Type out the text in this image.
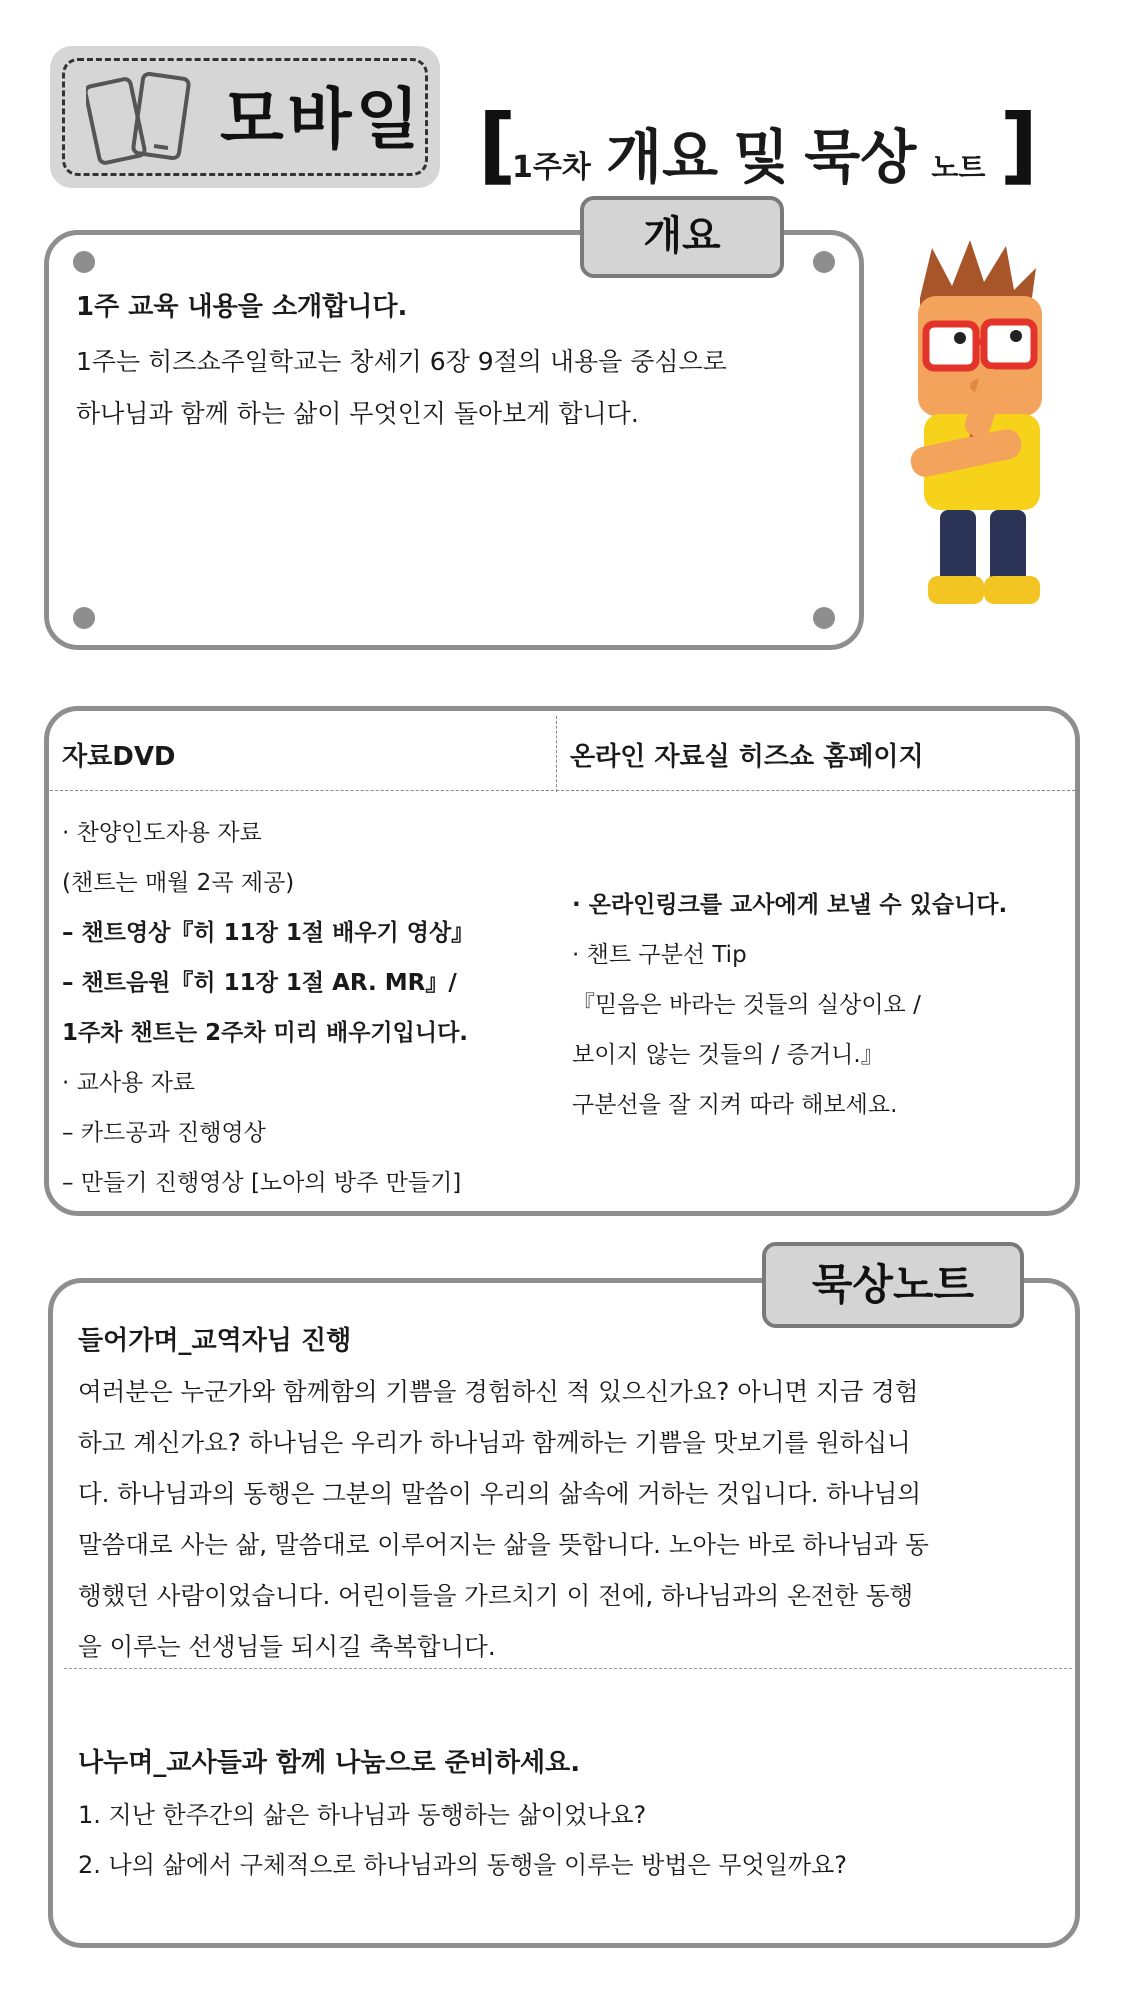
모바일 [
1주차 개요 및 묵상 노트 ]
개요
1주 교육 내용을 소개합니다.
1주는 히즈쇼주일학교는 창세기 6장 9절의 내용을 중심으로
하나님과 함께 하는 삶이 무엇인지 돌아보게 합니다.
자료DVD	온라인 자료실 히즈쇼 홈페이지
· 찬양인도자용 자료
(챈트는 매월 2곡 제공)
– 챈트영상『히 11장 1절 배우기 영상』
– 챈트음원『히 11장 1절 AR. MR』/
1주차 챈트는 2주차 미리 배우기입니다.
· 교사용 자료
– 카드공과 진행영상
– 만들기 진행영상 [노아의 방주 만들기]
· 온라인링크를 교사에게 보낼 수 있습니다.
· 챈트 구분선 Tip
『믿음은 바라는 것들의 실상이요 /
보이지 않는 것들의 / 증거니.』
구분선을 잘 지켜 따라 해보세요.
묵상노트
들어가며_교역자님 진행
여러분은 누군가와 함께함의 기쁨을 경험하신 적 있으신가요? 아니면 지금 경험
하고 계신가요? 하나님은 우리가 하나님과 함께하는 기쁨을 맛보기를 원하십니
다. 하나님과의 동행은 그분의 말씀이 우리의 삶속에 거하는 것입니다. 하나님의
말씀대로 사는 삶, 말씀대로 이루어지는 삶을 뜻합니다. 노아는 바로 하나님과 동
행했던 사람이었습니다. 어린이들을 가르치기 이 전에, 하나님과의 온전한 동행
을 이루는 선생님들 되시길 축복합니다.
나누며_교사들과 함께 나눔으로 준비하세요.
1. 지난 한주간의 삶은 하나님과 동행하는 삶이었나요?
2. 나의 삶에서 구체적으로 하나님과의 동행을 이루는 방법은 무엇일까요?
